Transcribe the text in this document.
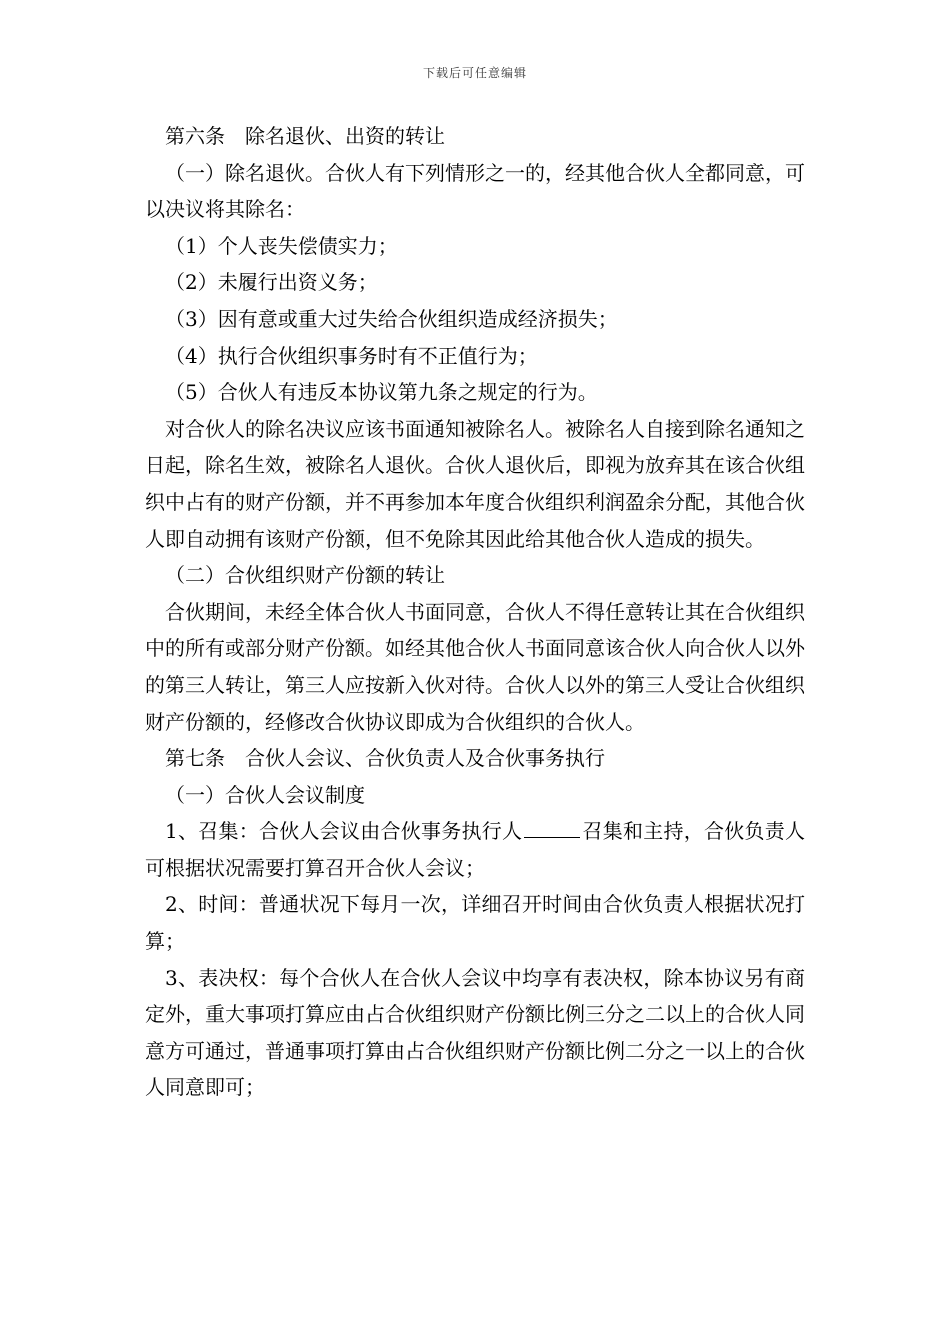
下载后可任意编辑

第六条　除名退伙、出资的转让

（一）除名退伙。合伙人有下列情形之一的，经其他合伙人全都同意，可以决议将其除名：

（1）个人丧失偿债实力；

（2）未履行出资义务；

（3）因有意或重大过失给合伙组织造成经济损失；

（4）执行合伙组织事务时有不正值行为；

（5）合伙人有违反本协议第九条之规定的行为。

对合伙人的除名决议应该书面通知被除名人。被除名人自接到除名通知之日起，除名生效，被除名人退伙。合伙人退伙后，即视为放弃其在该合伙组织中占有的财产份额，并不再参加本年度合伙组织利润盈余分配，其他合伙人即自动拥有该财产份额，但不免除其因此给其他合伙人造成的损失。

（二）合伙组织财产份额的转让

合伙期间，未经全体合伙人书面同意，合伙人不得任意转让其在合伙组织中的所有或部分财产份额。如经其他合伙人书面同意该合伙人向合伙人以外的第三人转让，第三人应按新入伙对待。合伙人以外的第三人受让合伙组织财产份额的，经修改合伙协议即成为合伙组织的合伙人。

第七条　合伙人会议、合伙负责人及合伙事务执行

（一）合伙人会议制度

1、召集：合伙人会议由合伙事务执行人	召集和主持，合伙负责人可根据状况需要打算召开合伙人会议；

2、时间：普通状况下每月一次，详细召开时间由合伙负责人根据状况打算；

3、表决权：每个合伙人在合伙人会议中均享有表决权，除本协议另有商定外，重大事项打算应由占合伙组织财产份额比例三分之二以上的合伙人同意方可通过，普通事项打算由占合伙组织财产份额比例二分之一以上的合伙人同意即可；
